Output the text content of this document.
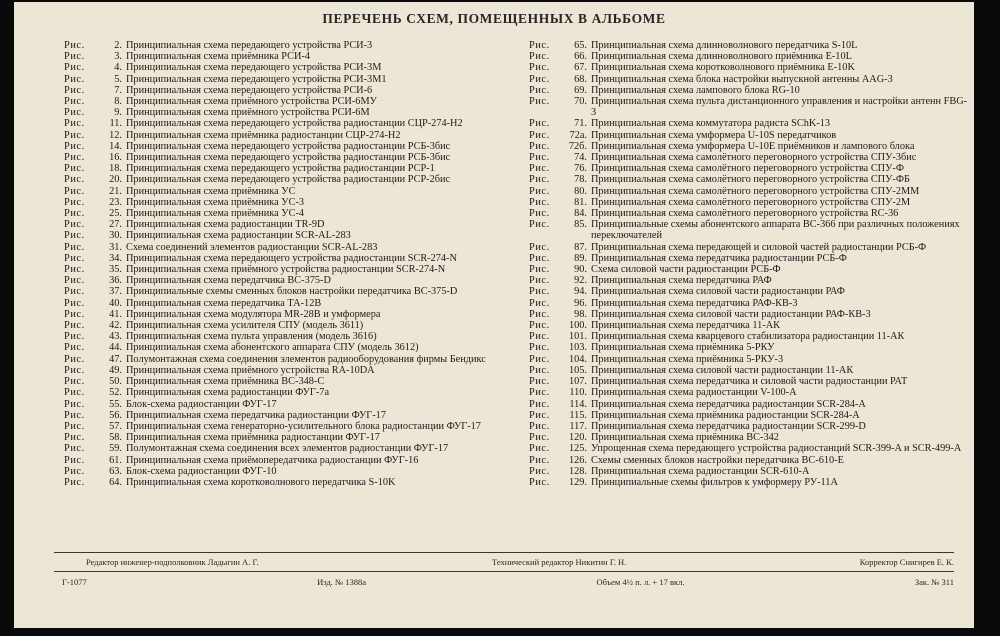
ПЕРЕЧЕНЬ СХЕМ, ПОМЕЩЕННЫХ В АЛЬБОМЕ
Рис.	2. Принципиальная схема передающего устройства РСИ-3
Рис.	3. Принципиальная схема приёмника РСИ-4
Рис.	4. Принципиальная схема передающего устройства РСИ-3М
Рис.	5. Принципиальная схема передающего устройства РСИ-3М1
Рис.	7. Принципиальная схема передающего устройства РСИ-6
Рис.	8. Принципиальная схема приёмного устройства РСИ-6МУ
Рис.	9. Принципиальная схема приёмного устройства РСИ-6М
Рис.	11. Принципиальная схема передающего устройства радиостанции СЦР-274-Н2
Рис.	12. Принципиальная схема приёмника радиостанции СЦР-274-Н2
Рис.	14. Принципиальная схема передающего устройства радиостанции РСБ-3бис
Рис.	16. Принципиальная схема передающего устройства радиостанции РСБ-3бис
Рис.	18. Принципиальная схема передающего устройства радиостанции РСР-1
Рис.	20. Принципиальная схема передающего устройства радиостанции РСР-2бис
Рис.	21. Принципиальная схема приёмника УС
Рис.	23. Принципиальная схема приёмника УС-3
Рис.	25. Принципиальная схема приёмника УС-4
Рис.	27. Принципиальная схема радиостанции TR-9D
Рис.	30. Принципиальная схема радиостанции SCR-AL-283
Рис.	31. Схема соединений элементов радиостанции SCR-AL-283
Рис.	34. Принципиальная схема передающего устройства радиостанции SCR-274-N
Рис.	35. Принципиальная схема приёмного устройства радиостанции SCR-274-N
Рис.	36. Принципиальная схема передатчика ВС-375-D
Рис.	37. Принципиальные схемы сменных блоков настройки передатчика ВС-375-D
Рис.	40. Принципиальная схема передатчика ТА-12В
Рис.	41. Принципиальная схема модулятора MR-28B и умформера
Рис.	42. Принципиальная схема усилителя СПУ (модель 3611)
Рис.	43. Принципиальная схема пульта управления (модель 3616)
Рис.	44. Принципиальная схема абонентского аппарата СПУ (модель 3612)
Рис.	47. Полумонтажная схема соединения элементов радиооборудования фирмы Бендикс
Рис.	49. Принципиальная схема приёмного устройства RA-10DA
Рис.	50. Принципиальная схема приёмника ВС-348-С
Рис.	52. Принципиальная схема радиостанции ФУГ-7а
Рис.	55. Блок-схема радиостанции ФУГ-17
Рис.	56. Принципиальная схема передатчика радиостанции ФУГ-17
Рис.	57. Принципиальная схема генераторно-усилительного блока радиостанции ФУГ-17
Рис.	58. Принципиальная схема приёмника радиостанции ФУГ-17
Рис.	59. Полумонтажная схема соединения всех элементов радиостанции ФУГ-17
Рис.	61. Принципиальная схема приёмопередатчика радиостанции ФУГ-16
Рис.	63. Блок-схема радиостанции ФУГ-10
Рис.	64. Принципиальная схема коротковолнового передатчика S-10K
Рис.	65. Принципиальная схема длинноволнового передатчика S-10L
Рис.	66. Принципиальная схема длинноволнового приёмника E-10L
Рис.	67. Принципиальная схема коротковолнового приёмника E-10K
Рис.	68. Принципиальная схема блока настройки выпускной антенны AAG-3
Рис.	69. Принципиальная схема лампового блока RG-10
Рис.	70. Принципиальная схема пульта дистанционного управления и настройки антенн FBG-3
Рис.	71. Принципиальная схема коммутатора радиста SChK-13
Рис.	72а. Принципиальная схема умформера U-10S передатчиков
Рис.	72б. Принципиальная схема умформера U-10E приёмников и лампового блока
Рис.	74. Принципиальная схема самолётного переговорного устройства СПУ-3бис
Рис.	76. Принципиальная схема самолётного переговорного устройства СПУ-Ф
Рис.	78. Принципиальная схема самолётного переговорного устройства СПУ-ФБ
Рис.	80. Принципиальная схема самолётного переговорного устройства СПУ-2ММ
Рис.	81. Принципиальная схема самолётного переговорного устройства СПУ-2М
Рис.	84. Принципиальная схема самолётного переговорного устройства RC-36
Рис.	85. Принципиальные схемы абонентского аппарата ВС-366 при различных положениях переключателей
Рис.	87. Принципиальная схема передающей и силовой частей радиостанции РСБ-Ф
Рис.	89. Принципиальная схема передатчика радиостанции РСБ-Ф
Рис.	90. Схема силовой части радиостанции РСБ-Ф
Рис.	92. Принципиальная схема передатчика РАФ
Рис.	94. Принципиальная схема силовой части радиостанции РАФ
Рис.	96. Принципиальная схема передатчика РАФ-КВ-3
Рис.	98. Принципиальная схема силовой части радиостанции РАФ-КВ-3
Рис.	100. Принципиальная схема передатчика 11-АК
Рис.	101. Принципиальная схема кварцевого стабилизатора радиостанции 11-АК
Рис.	103. Принципиальная схема приёмника 5-РКУ
Рис.	104. Принципиальная схема приёмника 5-РКУ-3
Рис.	105. Принципиальная схема силовой части радиостанции 11-АК
Рис.	107. Принципиальная схема передатчика и силовой части радиостанции РАТ
Рис.	110. Принципиальная схема радиостанции V-100-А
Рис.	114. Принципиальная схема передатчика радиостанции SCR-284-A
Рис.	115. Принципиальная схема приёмника радиостанции SCR-284-A
Рис.	117. Принципиальная схема передатчика радиостанции SCR-299-D
Рис.	120. Принципиальная схема приёмника ВС-342
Рис.	125. Упрощенная схема передающего устройства радиостанций SCR-399-A и SCR-499-A
Рис.	126. Схемы сменных блоков настройки передатчика ВС-610-Е
Рис.	128. Принципиальная схема радиостанции SCR-610-A
Рис.	129. Принципиальные схемы фильтров к умформеру РУ-11А
Редактор инженер-подполковник Ладыгин А. Г.	Технический редактор Никитин Г. Н.	Корректор Снигирев Е. К.
Г-1077	Изд. № 1388а	Объем 4½ п. л. + 17 вкл.	Зак. № 311
